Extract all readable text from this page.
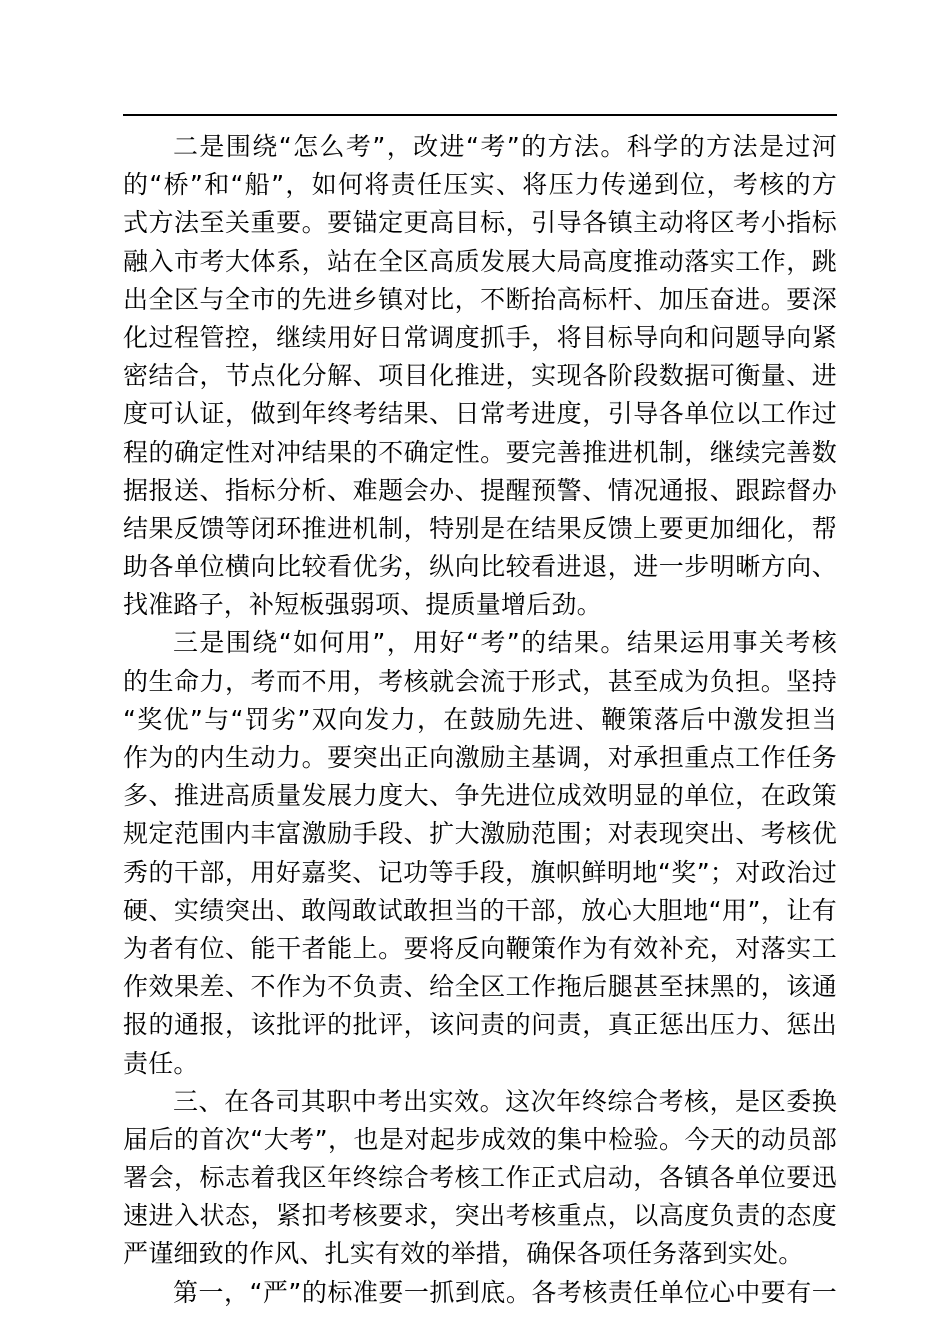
二是围绕“怎么考”，改进“考”的方法。科学的方法是过河
的“桥”和“船”，如何将责任压实、将压力传递到位，考核的方
式方法至关重要。要锚定更高目标，引导各镇主动将区考小指标
融入市考大体系，站在全区高质发展大局高度推动落实工作，跳
出全区与全市的先进乡镇对比，不断抬高标杆、加压奋进。要深
化过程管控，继续用好日常调度抓手，将目标导向和问题导向紧
密结合，节点化分解、项目化推进，实现各阶段数据可衡量、进
度可认证，做到年终考结果、日常考进度，引导各单位以工作过
程的确定性对冲结果的不确定性。要完善推进机制，继续完善数
据报送、指标分析、难题会办、提醒预警、情况通报、跟踪督办
结果反馈等闭环推进机制，特别是在结果反馈上要更加细化，帮
助各单位横向比较看优劣，纵向比较看进退，进一步明晰方向、
找准路子，补短板强弱项、提质量增后劲。
三是围绕“如何用”，用好“考”的结果。结果运用事关考核
的生命力，考而不用，考核就会流于形式，甚至成为负担。坚持
“奖优”与“罚劣”双向发力，在鼓励先进、鞭策落后中激发担当
作为的内生动力。要突出正向激励主基调，对承担重点工作任务
多、推进高质量发展力度大、争先进位成效明显的单位，在政策
规定范围内丰富激励手段、扩大激励范围；对表现突出、考核优
秀的干部，用好嘉奖、记功等手段，旗帜鲜明地“奖”；对政治过
硬、实绩突出、敢闯敢试敢担当的干部，放心大胆地“用”，让有
为者有位、能干者能上。要将反向鞭策作为有效补充，对落实工
作效果差、不作为不负责、给全区工作拖后腿甚至抹黑的，该通
报的通报，该批评的批评，该问责的问责，真正惩出压力、惩出
责任。
三、在各司其职中考出实效。这次年终综合考核，是区委换
届后的首次“大考”，也是对起步成效的集中检验。今天的动员部
署会，标志着我区年终综合考核工作正式启动，各镇各单位要迅
速进入状态，紧扣考核要求，突出考核重点，以高度负责的态度
严谨细致的作风、扎实有效的举措，确保各项任务落到实处。
第一，“严”的标准要一抓到底。各考核责任单位心中要有一
